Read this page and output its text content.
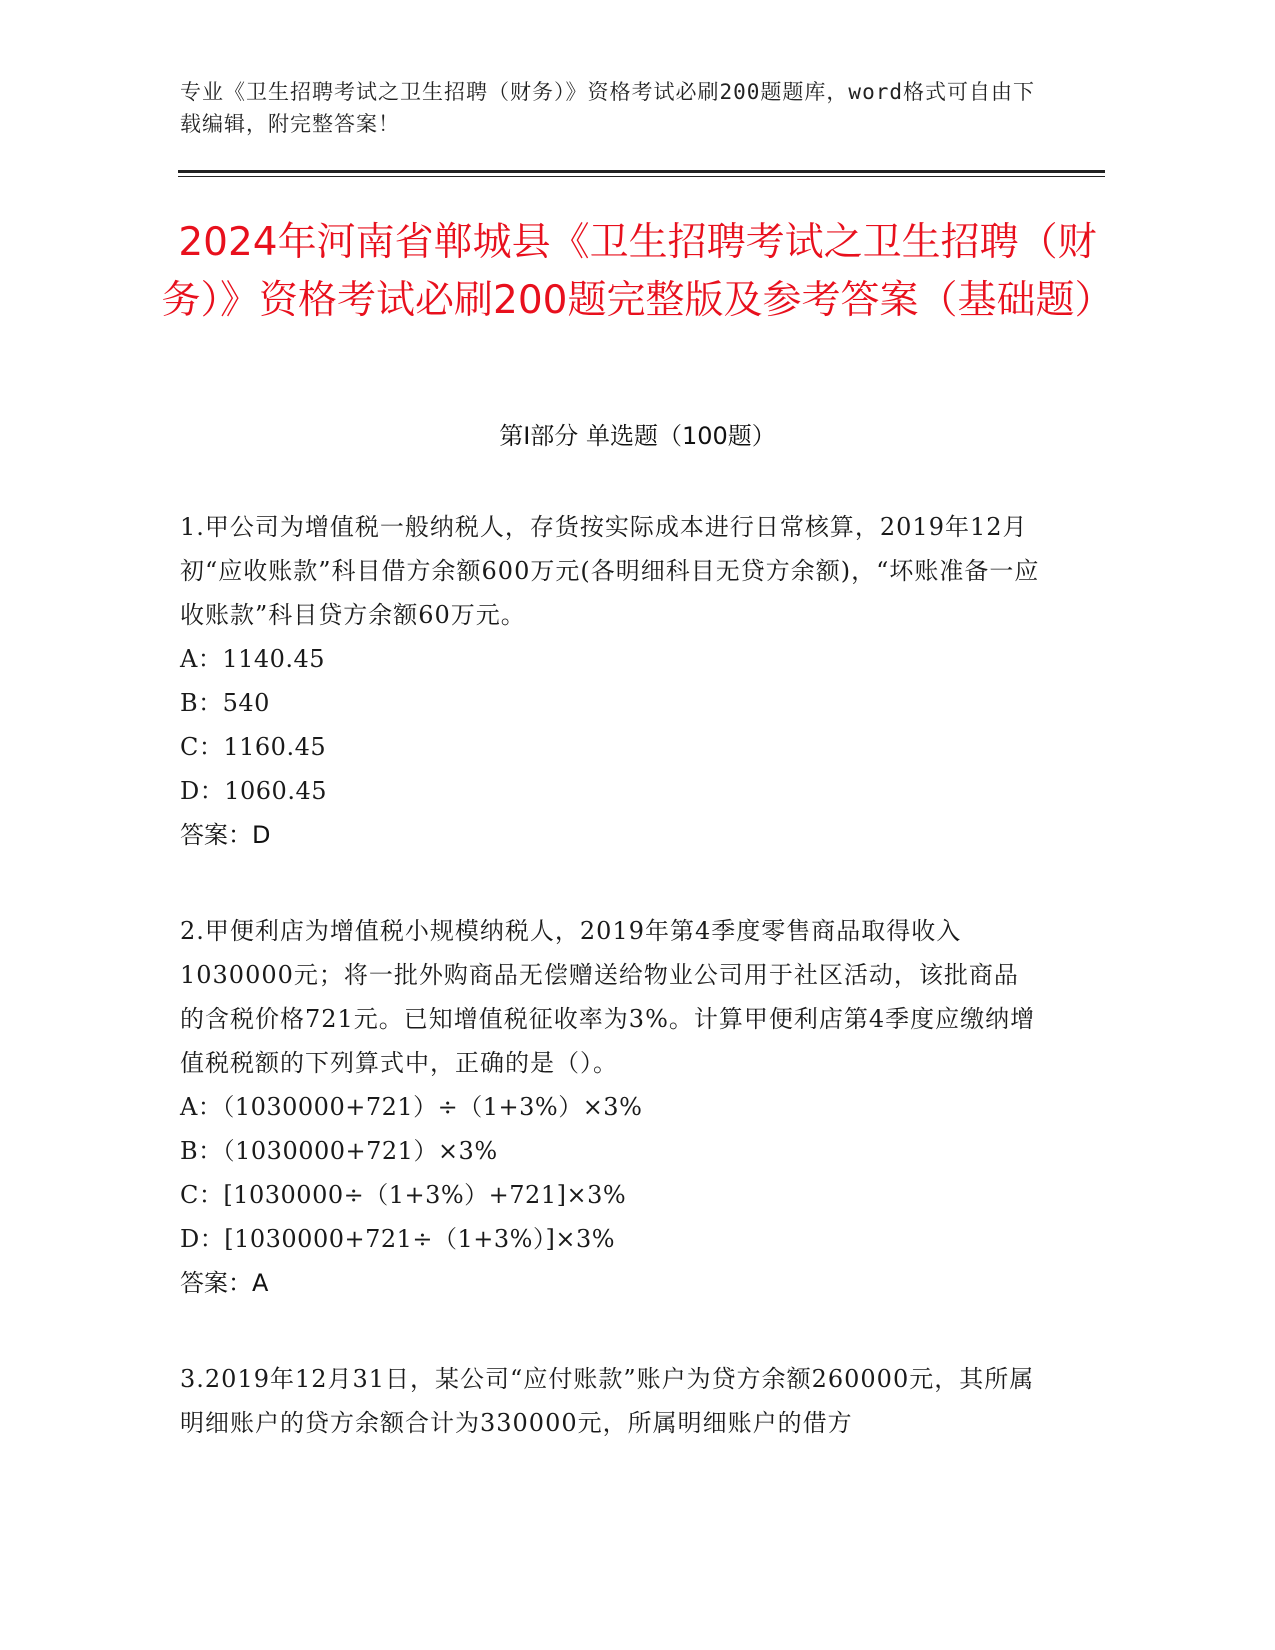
专业《卫生招聘考试之卫生招聘（财务）》资格考试必刷200题题库，word格式可自由下载编辑，附完整答案！
2024年河南省郸城县《卫生招聘考试之卫生招聘（财务）》资格考试必刷200题完整版及参考答案（基础题）
第I部分 单选题（100题）

1.甲公司为增值税一般纳税人，存货按实际成本进行日常核算，2019年12月初“应收账款”科目借方余额600万元(各明细科目无贷方余额)，“坏账准备一应收账款”科目贷方余额60万元。

A：1140.45

B：540

C：1160.45

D：1060.45

答案：D

2.甲便利店为增值税小规模纳税人，2019年第4季度零售商品取得收入1030000元；将一批外购商品无偿赠送给物业公司用于社区活动，该批商品的含税价格721元。已知增值税征收率为3%。计算甲便利店第4季度应缴纳增值税税额的下列算式中，正确的是（）。

A：（1030000+721）÷（1+3%）×3%

B：（1030000+721）×3%

C：[1030000÷（1+3%）+721]×3%

D：[1030000+721÷（1+3%）]×3%

答案：A

3.2019年12月31日，某公司“应付账款”账户为贷方余额260000元，其所属明细账户的贷方余额合计为330000元，所属明细账户的借方
